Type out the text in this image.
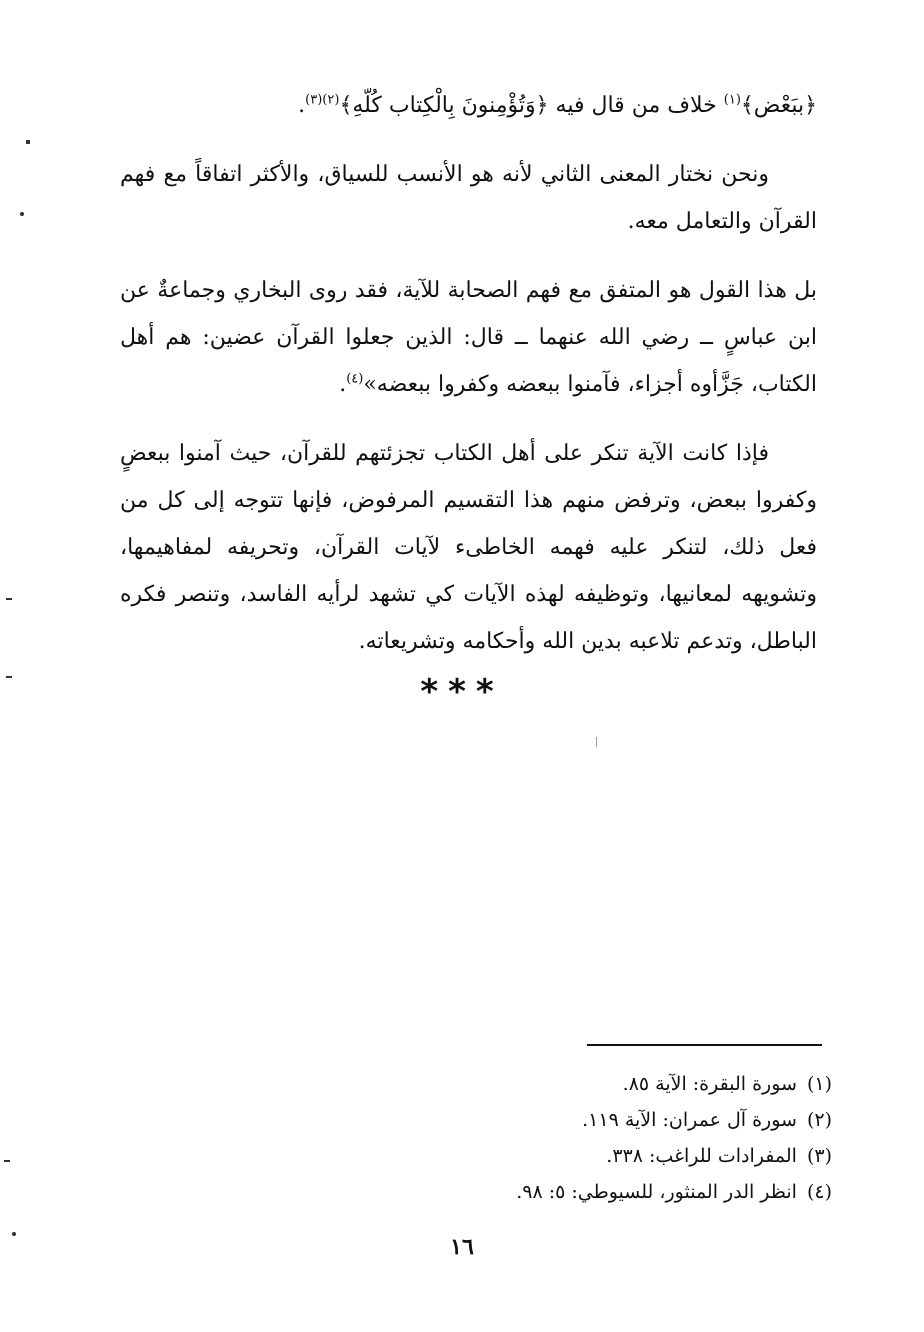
﴿ببَعْض﴾$^{(١)}$ خلاف من قال فيه ﴿وَتُؤْمِنونَ بِالْكِتاب كُلّهِ﴾$^{(٢)(٣)}$.

ونحن نختار المعنى الثاني لأنه هو الأنسب للسياق، والأكثر اتفاقاً مع فهم القرآن والتعامل معه.

بل هذا القول هو المتفق مع فهم الصحابة للآية، فقد روى البخاري وجماعةٌ عن ابن عباسٍ ــ رضي الله عنهما ــ قال: الذين جعلوا القرآن عضين: هم أهل الكتاب، جَزَّأوه أجزاء، فآمنوا ببعضه وكفروا ببعضه»$^{(٤)}$.

فإذا كانت الآية تنكر على أهل الكتاب تجزئتهم للقرآن، حيث آمنوا ببعضٍ وكفروا ببعض، وترفض منهم هذا التقسيم المرفوض، فإنها تتوجه إلى كل من فعل ذلك، لتنكر عليه فهمه الخاطىء لآيات القرآن، وتحريفه لمفاهيمها، وتشويهه لمعانيها، وتوظيفه لهذه الآيات كي تشهد لرأيه الفاسد، وتنصر فكره الباطل، وتدعم تلاعبه بدين الله وأحكامه وتشريعاته.

***
(١)سورة البقرة: الآية ٨٥.
(٢)سورة آل عمران: الآية ١١٩.
(٣)المفرادات للراغب: ٣٣٨.
(٤)انظر الدر المنثور، للسيوطي: ٥: ٩٨.
١٦
